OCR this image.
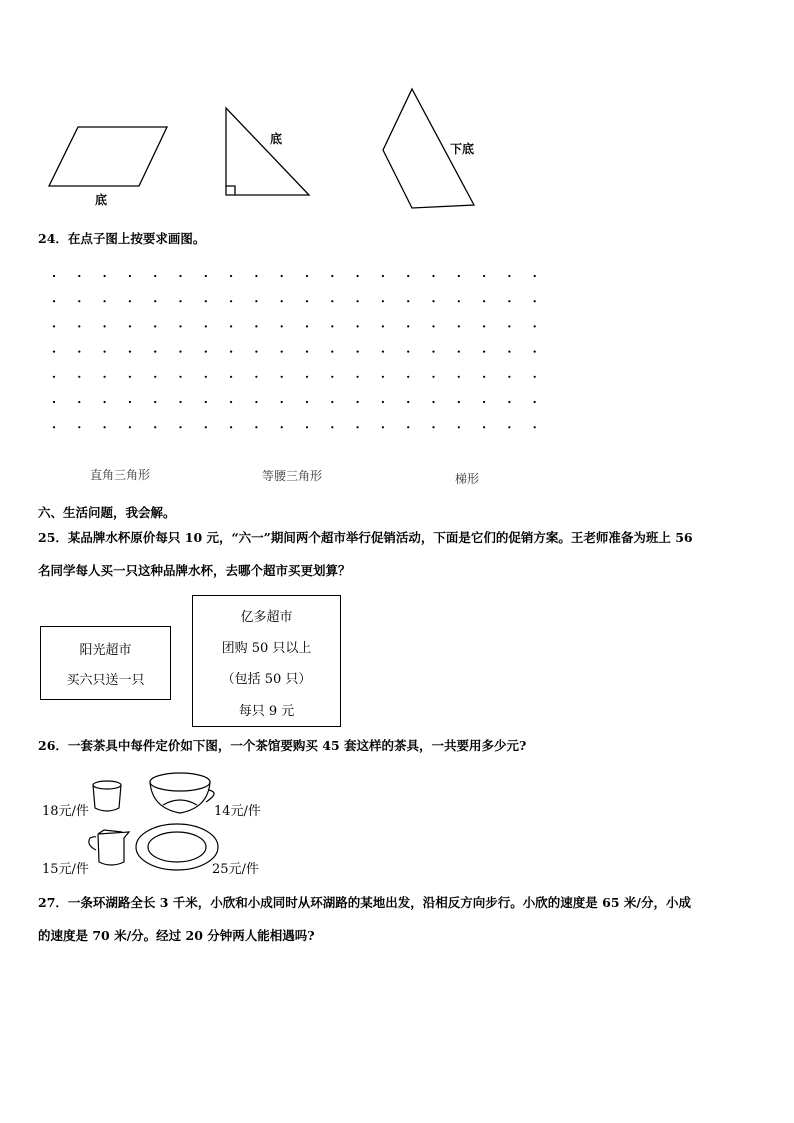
底
底
下底
24．在点子图上按要求画图。
直角三角形	等腰三角形	梯形
六、生活问题，我会解。
25．某品牌水杯原价每只 10 元，“六一”期间两个超市举行促销活动，下面是它们的促销方案。王老师准备为班上 56
名同学每人买一只这种品牌水杯，去哪个超市买更划算？
阳光超市
买六只送一只
亿多超市
团购 50 只以上
（包括 50 只）
每只 9 元
26．一套茶具中每件定价如下图，一个茶馆要购买 45 套这样的茶具，一共要用多少元?
18元/件	14元/件
15元/件	25元/件
27．一条环湖路全长 3 千米，小欣和小成同时从环湖路的某地出发，沿相反方向步行。小欣的速度是 65 米/分，小成
的速度是 70 米/分。经过 20 分钟两人能相遇吗?
